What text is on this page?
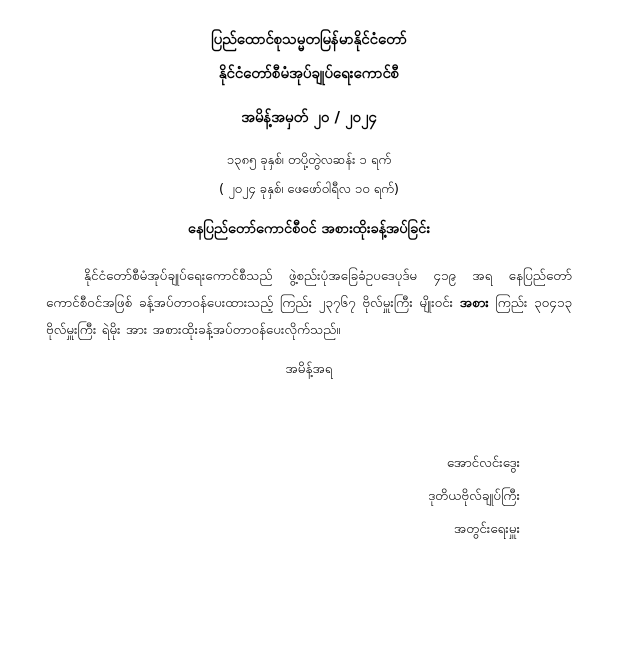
ပြည်ထောင်စုသမ္မတမြန်မာနိုင်ငံတော်
နိုင်ငံတော်စီမံအုပ်ချုပ်ရေးကောင်စီ
အမိန့်အမှတ် ၂၀ / ၂၀၂၄
၁၃၈၅ ခုနှစ်၊ တပို့တွဲလဆန်း ၁ ရက်
( ၂၀၂၄ ခုနှစ်၊ ဖေဖော်ဝါရီလ ၁၀ ရက်)
နေပြည်တော်ကောင်စီဝင် အစားထိုးခန့်အပ်ခြင်း
နိုင်ငံတော်စီမံအုပ်ချုပ်ရေးကောင်စီသည် ဖွဲ့စည်းပုံအခြေခံဥပဒေပုဒ်မ ၄၁၉ အရ နေပြည်တော် ကောင်စီဝင်အဖြစ် ခန့်အပ်တာဝန်ပေးထားသည့် ကြည်း ၂၃၇၆၇ ဗိုလ်မှူးကြီး မျိုးဝင်း အစား ကြည်း ၃၀၄၁၃ ဗိုလ်မှူးကြီး ရဲမိုး အား အစားထိုးခန့်အပ်တာဝန်ပေးလိုက်သည်။
အမိန့်အရ
အောင်လင်းဒွေး
ဒုတိယဗိုလ်ချုပ်ကြီး
အတွင်းရေးမှူး
